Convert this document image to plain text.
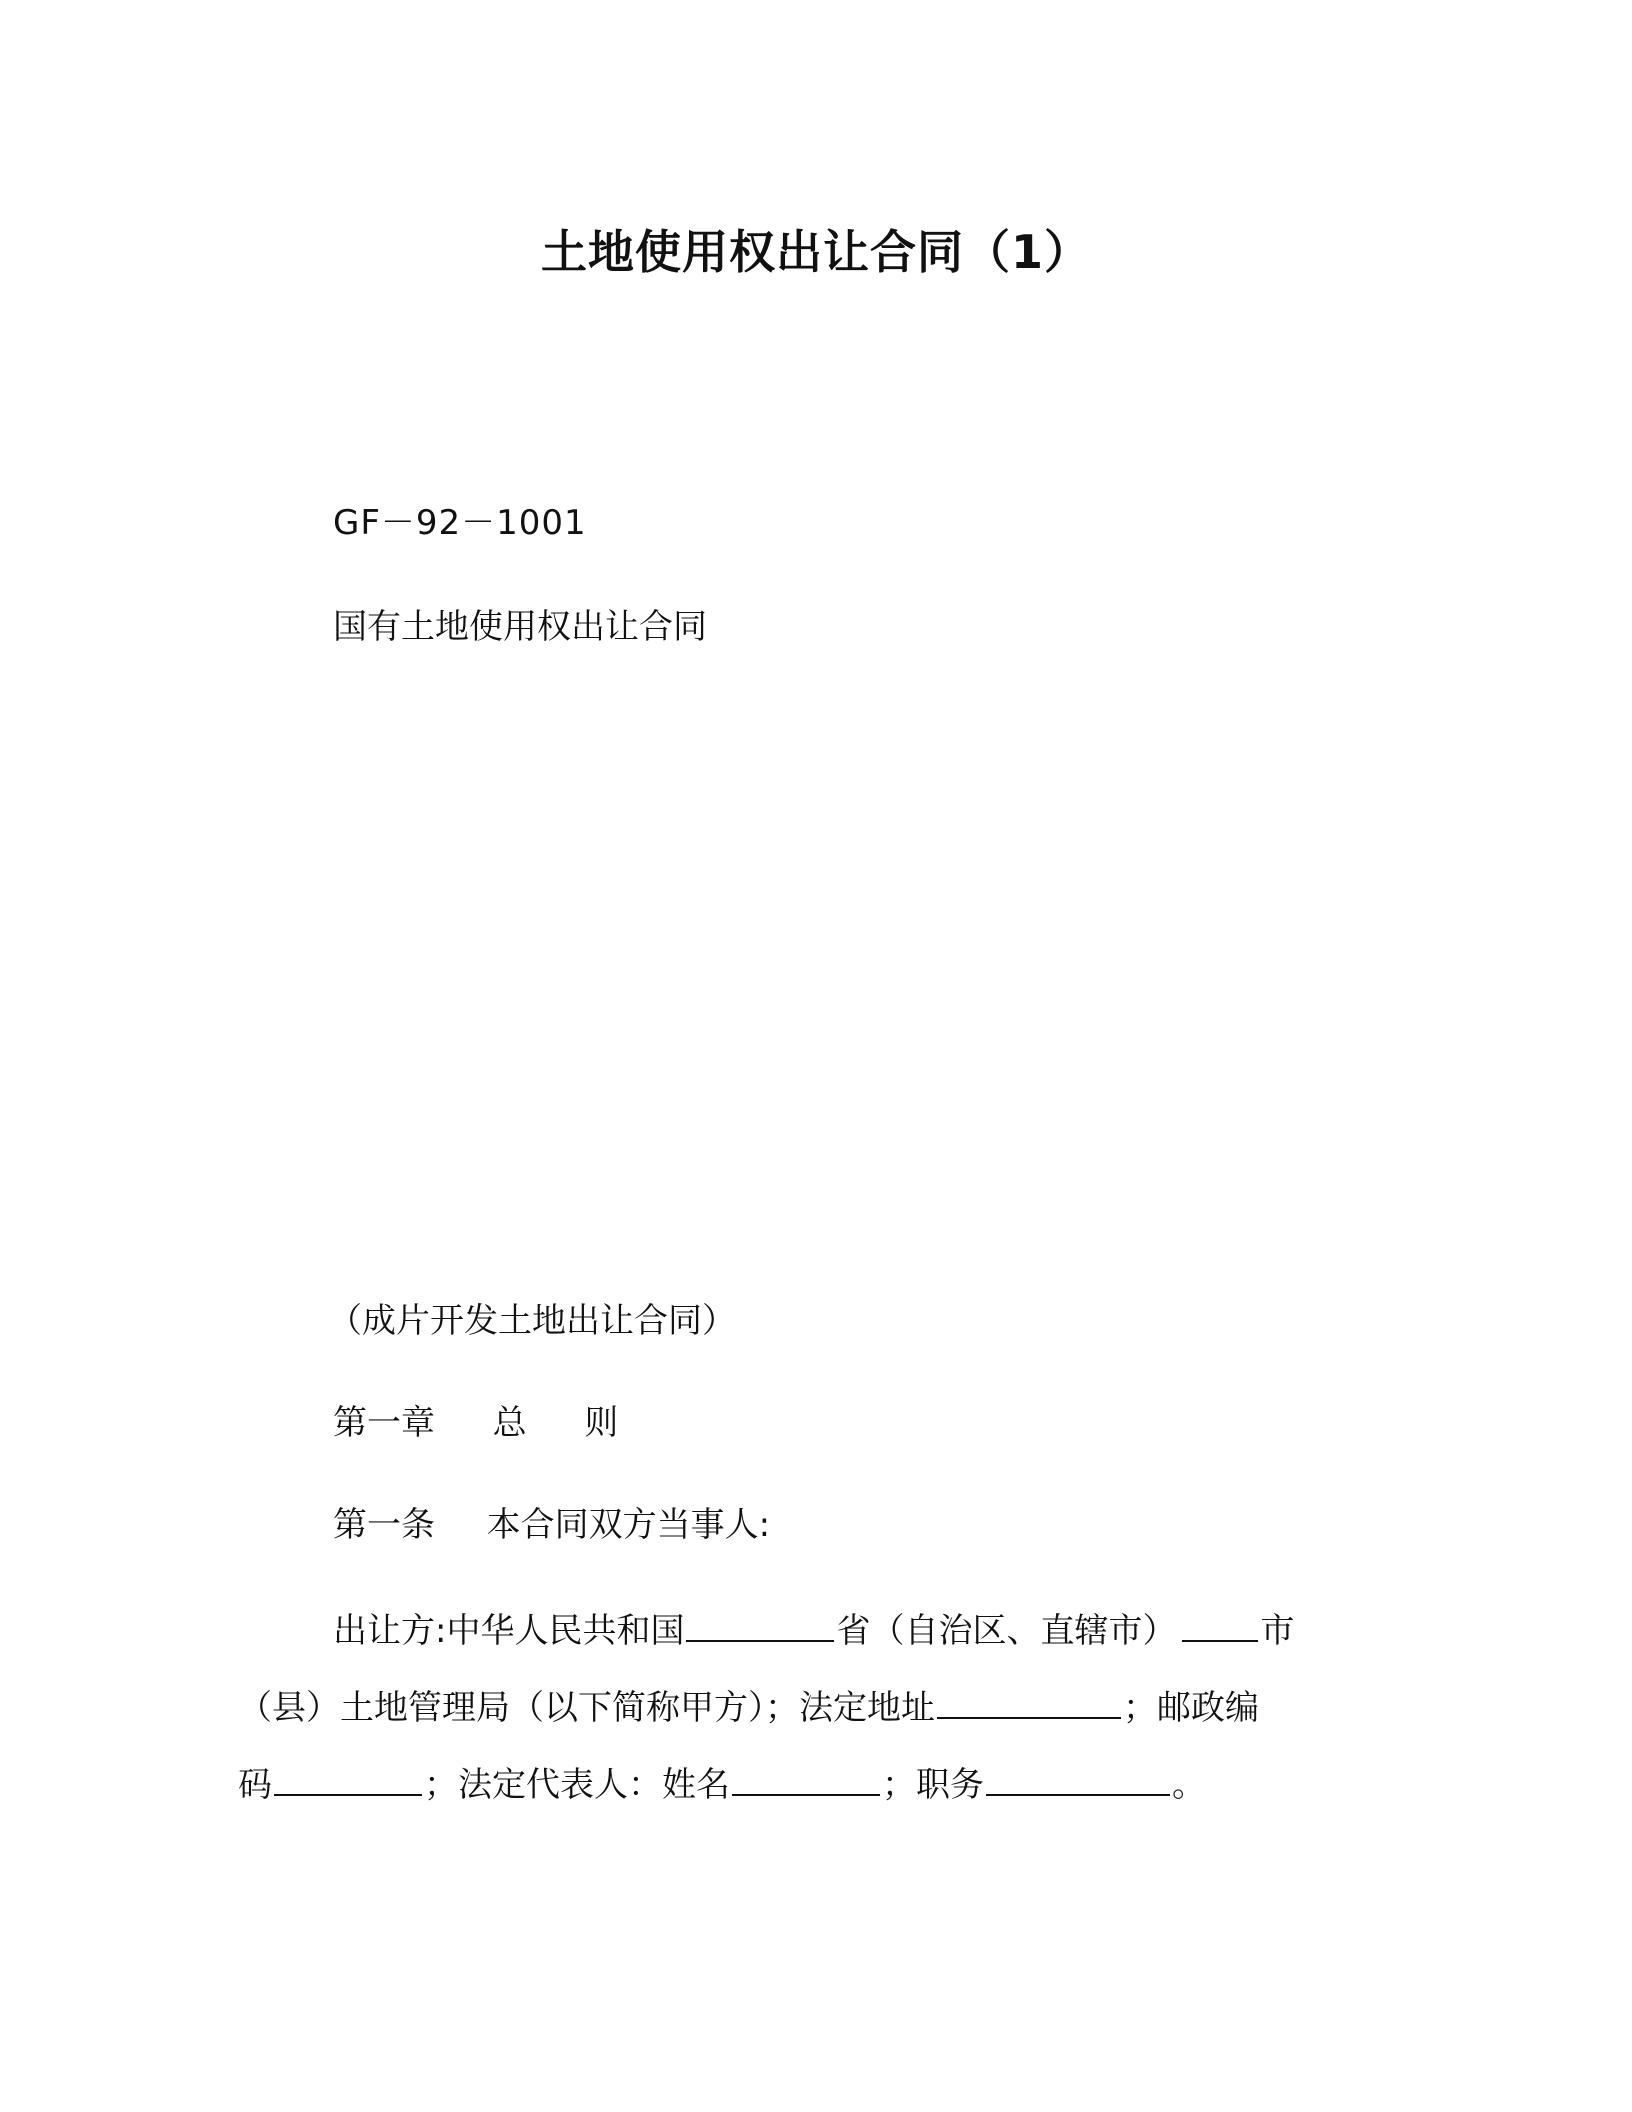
土地使用权出让合同（1）
GF－92－1001
国有土地使用权出让合同
（成片开发土地出让合同）
第一章 总 则
第一条 本合同双方当事人:
出让方:中华人民共和国	省（自治区、直辖市） 市
（县）土地管理局（以下简称甲方）；法定地址	；邮政编
码	；法定代表人：姓名	；职务	。
